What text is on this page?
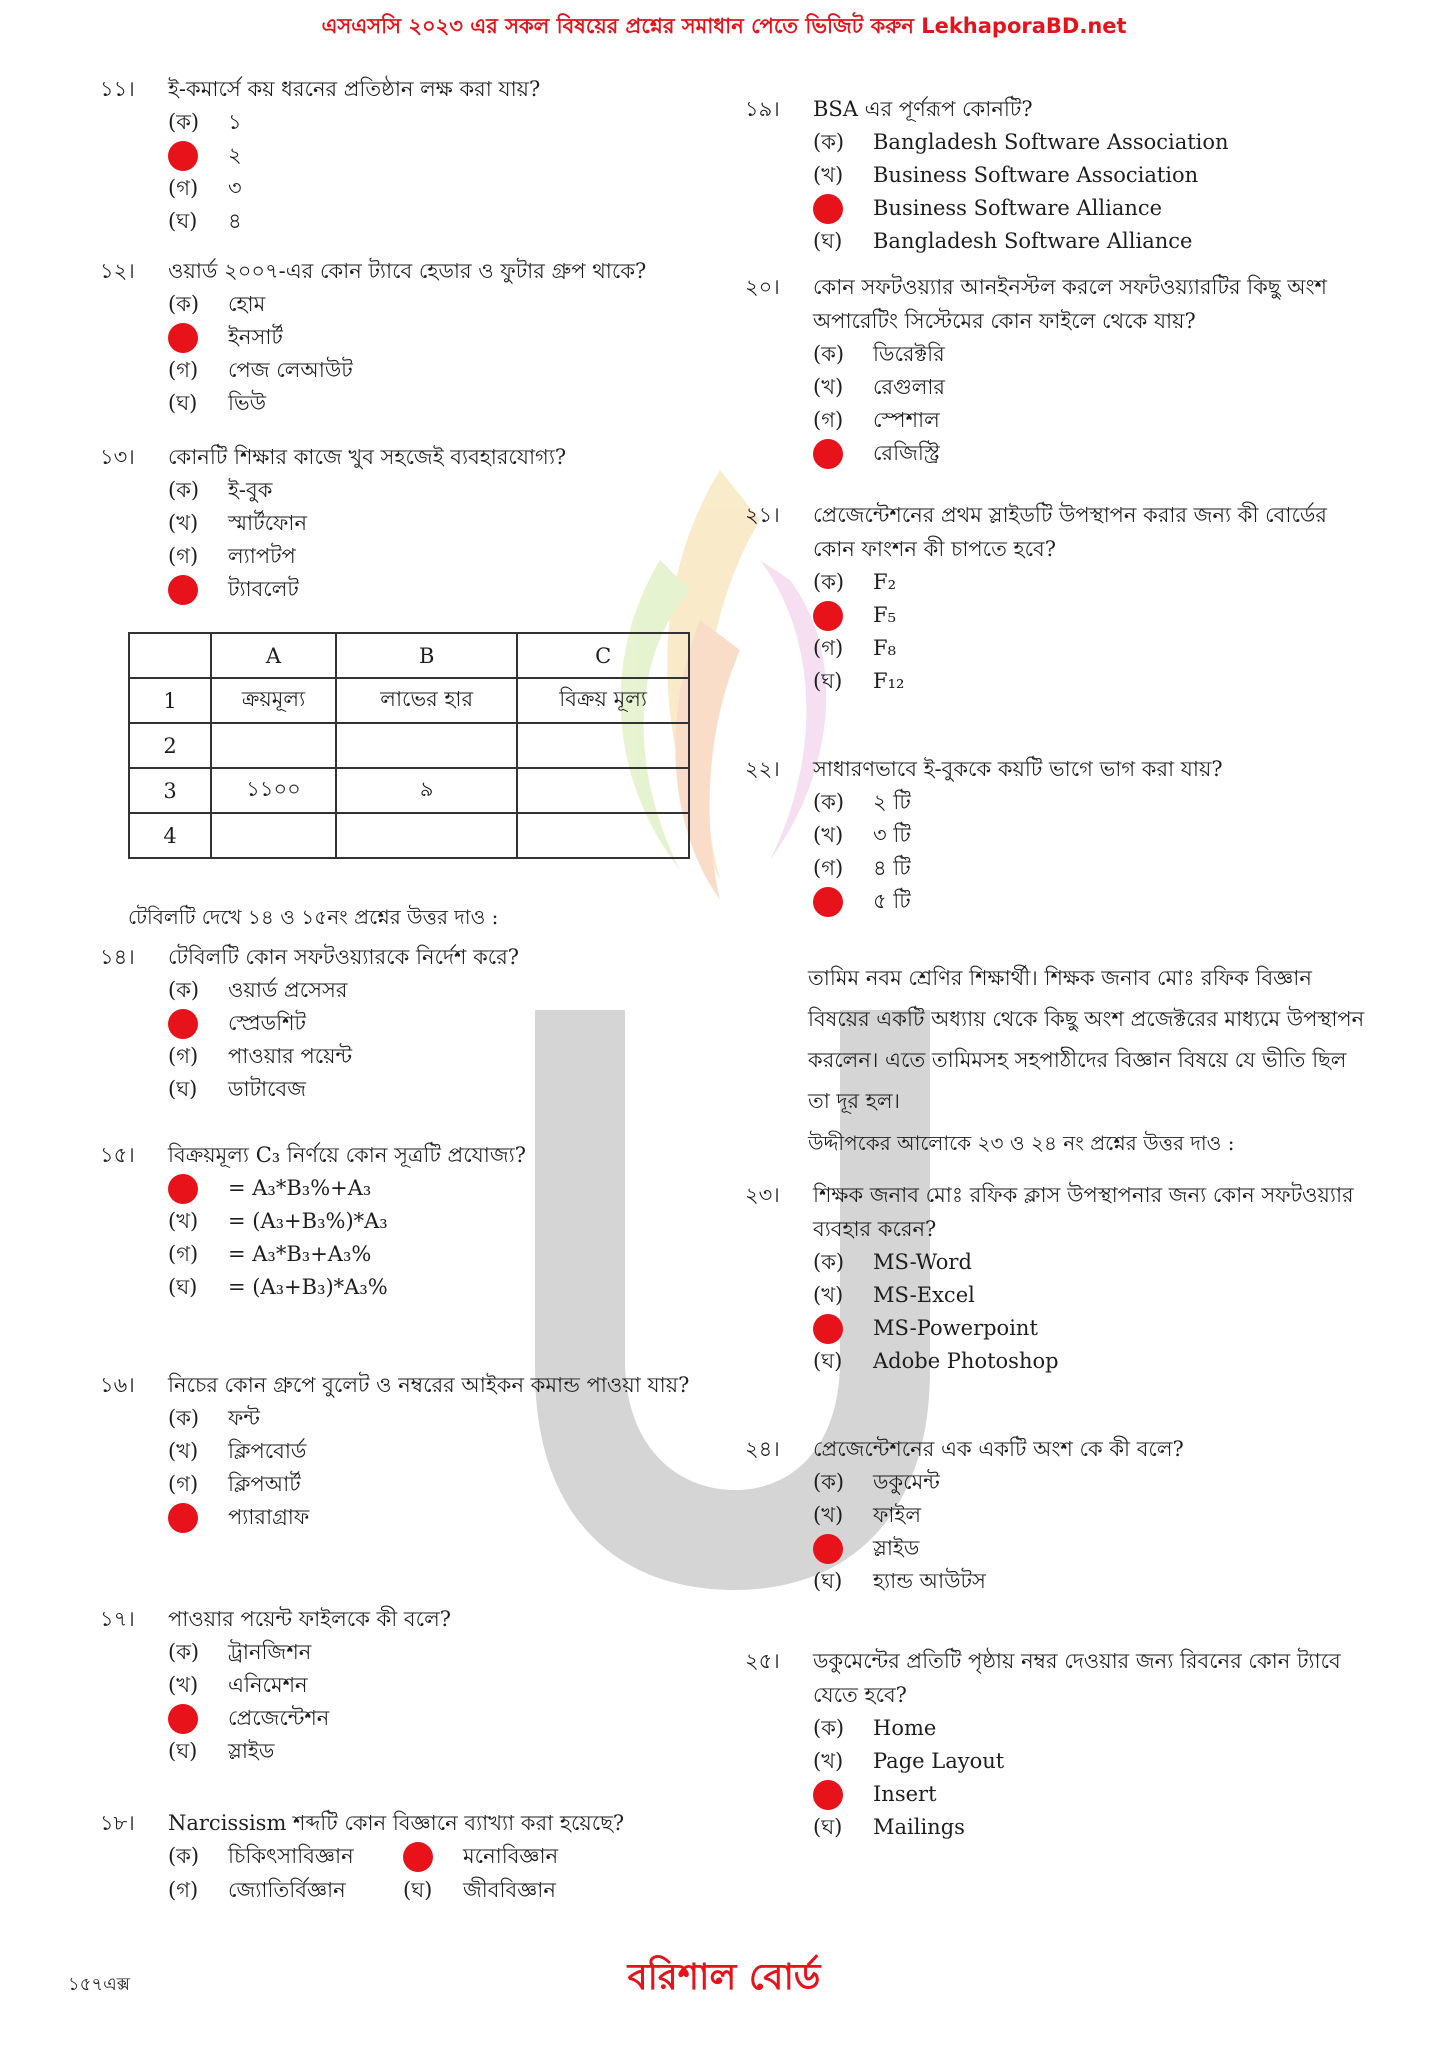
এসএসসি ২০২৩ এর সকল বিষয়ের প্রশ্নের সমাধান পেতে ভিজিট করুন LekhaporaBD.net
	A	B	C
1	ক্রয়মূল্য	লাভের হার	বিক্রয় মূল্য
2			
3	১১০০	৯	
4			
টেবিলটি দেখে ১৪ ও ১৫নং প্রশ্নের উত্তর দাও :
তামিম নবম শ্রেণির শিক্ষার্থী। শিক্ষক জনাব মোঃ রফিক বিজ্ঞান বিষয়ের একটি অধ্যায় থেকে কিছু অংশ প্রজেক্টরের মাধ্যমে উপস্থাপন করলেন। এতে তামিমসহ সহপাঠীদের বিজ্ঞান বিষয়ে যে ভীতি ছিল তা দূর হল।
উদ্দীপকের আলোকে ২৩ ও ২৪ নং প্রশ্নের উত্তর দাও :
১১। ই-কমার্সে কয় ধরনের প্রতিষ্ঠান লক্ষ করা যায়?
(ক) ১
২
(গ) ৩
(ঘ) ৪
১২। ওয়ার্ড ২০০৭-এর কোন ট্যাবে হেডার ও ফুটার গ্রুপ থাকে?
(ক) হোম
ইনসার্ট
(গ) পেজ লেআউট
(ঘ) ভিউ
১৩। কোনটি শিক্ষার কাজে খুব সহজেই ব্যবহারযোগ্য?
(ক) ই-বুক
(খ) স্মার্টফোন
(গ) ল্যাপটপ
ট্যাবলেট
১৪। টেবিলটি কোন সফটওয়্যারকে নির্দেশ করে?
(ক) ওয়ার্ড প্রসেসর
স্প্রেডশিট
(গ) পাওয়ার পয়েন্ট
(ঘ) ডাটাবেজ
১৫। বিক্রয়মূল্য C₃ নির্ণয়ে কোন সূত্রটি প্রযোজ্য?
= A₃*B₃%+A₃
(খ) = (A₃+B₃%)*A₃
(গ) = A₃*B₃+A₃%
(ঘ) = (A₃+B₃)*A₃%
১৬। নিচের কোন গ্রুপে বুলেট ও নম্বরের আইকন কমান্ড পাওয়া যায়?
(ক) ফন্ট
(খ) ক্লিপবোর্ড
(গ) ক্লিপআর্ট
প্যারাগ্রাফ
১৭। পাওয়ার পয়েন্ট ফাইলকে কী বলে?
(ক) ট্রানজিশন
(খ) এনিমেশন
প্রেজেন্টেশন
(ঘ) স্লাইড
১৮। Narcissism শব্দটি কোন বিজ্ঞানে ব্যাখ্যা করা হয়েছে?
(ক) চিকিৎসাবিজ্ঞান	মনোবিজ্ঞান
(গ) জ্যোতির্বিজ্ঞান	(ঘ) জীববিজ্ঞান
১৯। BSA এর পূর্ণরূপ কোনটি?
(ক) Bangladesh Software Association
(খ) Business Software Association
Business Software Alliance
(ঘ) Bangladesh Software Alliance
২০। কোন সফটওয়্যার আনইনস্টল করলে সফটওয়্যারটির কিছু অংশ অপারেটিং সিস্টেমের কোন ফাইলে থেকে যায়?
(ক) ডিরেক্টরি
(খ) রেগুলার
(গ) স্পেশাল
রেজিস্ট্রি
২১। প্রেজেন্টেশনের প্রথম স্লাইডটি উপস্থাপন করার জন্য কী বোর্ডের কোন ফাংশন কী চাপতে হবে?
(ক) F₂
F₅
(গ) F₈
(ঘ) F₁₂
২২। সাধারণভাবে ই-বুককে কয়টি ভাগে ভাগ করা যায়?
(ক) ২ টি
(খ) ৩ টি
(গ) ৪ টি
৫ টি
২৩। শিক্ষক জনাব মোঃ রফিক ক্লাস উপস্থাপনার জন্য কোন সফটওয়্যার ব্যবহার করেন?
(ক) MS-Word
(খ) MS-Excel
MS-Powerpoint
(ঘ) Adobe Photoshop
২৪। প্রেজেন্টেশনের এক একটি অংশ কে কী বলে?
(ক) ডকুমেন্ট
(খ) ফাইল
স্লাইড
(ঘ) হ্যান্ড আউটস
২৫। ডকুমেন্টের প্রতিটি পৃষ্ঠায় নম্বর দেওয়ার জন্য রিবনের কোন ট্যাবে যেতে হবে?
(ক) Home
(খ) Page Layout
Insert
(ঘ) Mailings
বরিশাল বোর্ড
১৫৭এক্স
